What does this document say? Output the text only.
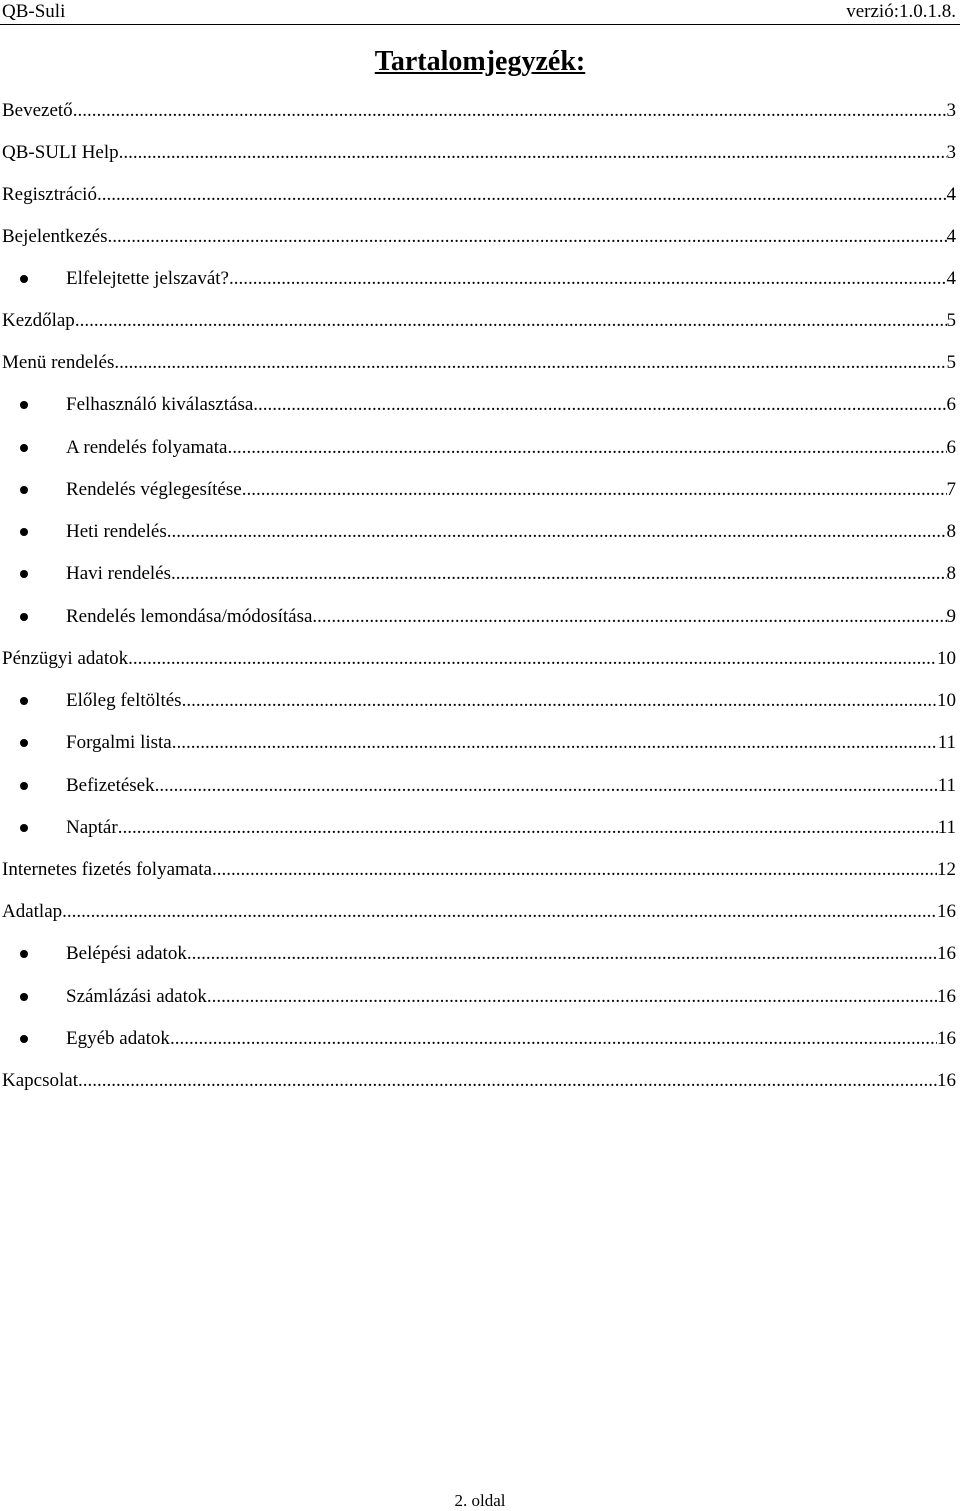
QB-Suli	verzió:1.0.1.8.
Tartalomjegyzék:
Bevezető .....	3
QB-SULI Help .....	3
Regisztráció .....	4
Bejelentkezés .....	4
Elfelejtette jelszavát? .....	4
Kezdőlap .....	5
Menü rendelés .....	5
Felhasználó kiválasztása .....	6
A rendelés folyamata .....	6
Rendelés véglegesítése .....	7
Heti rendelés .....	8
Havi rendelés .....	8
Rendelés lemondása/módosítása .....	9
Pénzügyi adatok .....	10
Előleg feltöltés .....	10
Forgalmi lista .....	11
Befizetések .....	11
Naptár .....	11
Internetes fizetés folyamata .....	12
Adatlap .....	16
Belépési adatok .....	16
Számlázási adatok .....	16
Egyéb adatok .....	16
Kapcsolat .....	16
2. oldal
